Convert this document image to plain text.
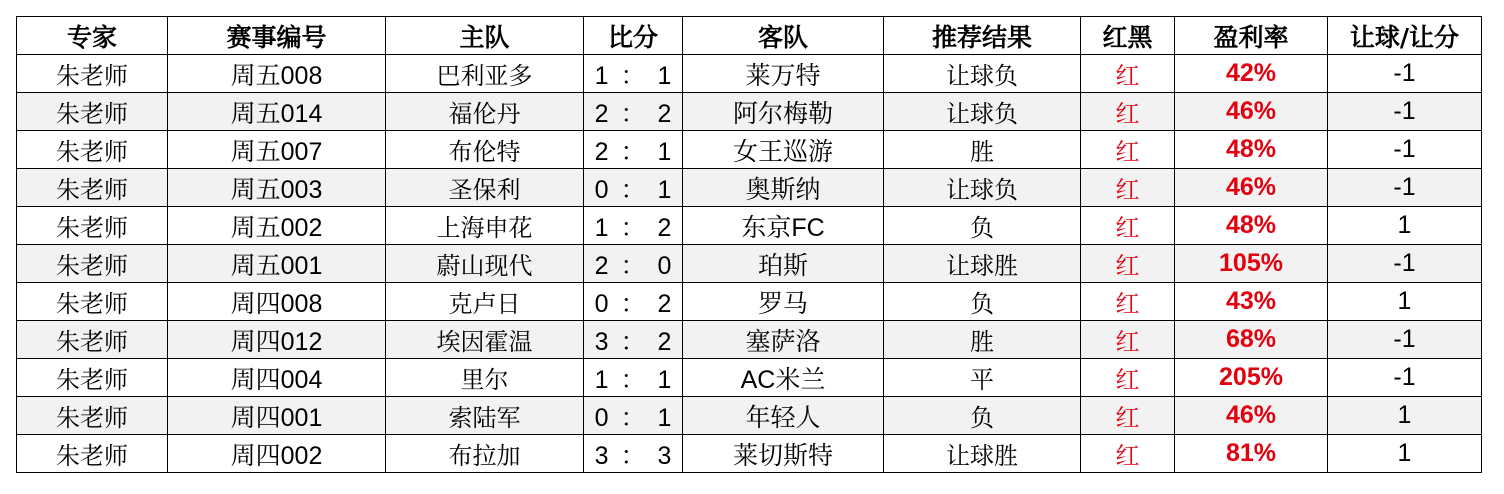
专家	赛事编号	主队	比分	客队	推荐结果	红黑	盈利率	让球/让分
朱老师	周五008	巴利亚多	1 ： 1	莱万特	让球负	红	42%	-1
朱老师	周五014	福伦丹	2 ： 2	阿尔梅勒	让球负	红	46%	-1
朱老师	周五007	布伦特	2 ： 1	女王巡游	胜	红	48%	-1
朱老师	周五003	圣保利	0 ： 1	奥斯纳	让球负	红	46%	-1
朱老师	周五002	上海申花	1 ： 2	东京FC	负	红	48%	1
朱老师	周五001	蔚山现代	2 ： 0	珀斯	让球胜	红	105%	-1
朱老师	周四008	克卢日	0 ： 2	罗马	负	红	43%	1
朱老师	周四012	埃因霍温	3 ： 2	塞萨洛	胜	红	68%	-1
朱老师	周四004	里尔	1 ： 1	AC米兰	平	红	205%	-1
朱老师	周四001	索陆军	0 ： 1	年轻人	负	红	46%	1
朱老师	周四002	布拉加	3 ： 3	莱切斯特	让球胜	红	81%	1
